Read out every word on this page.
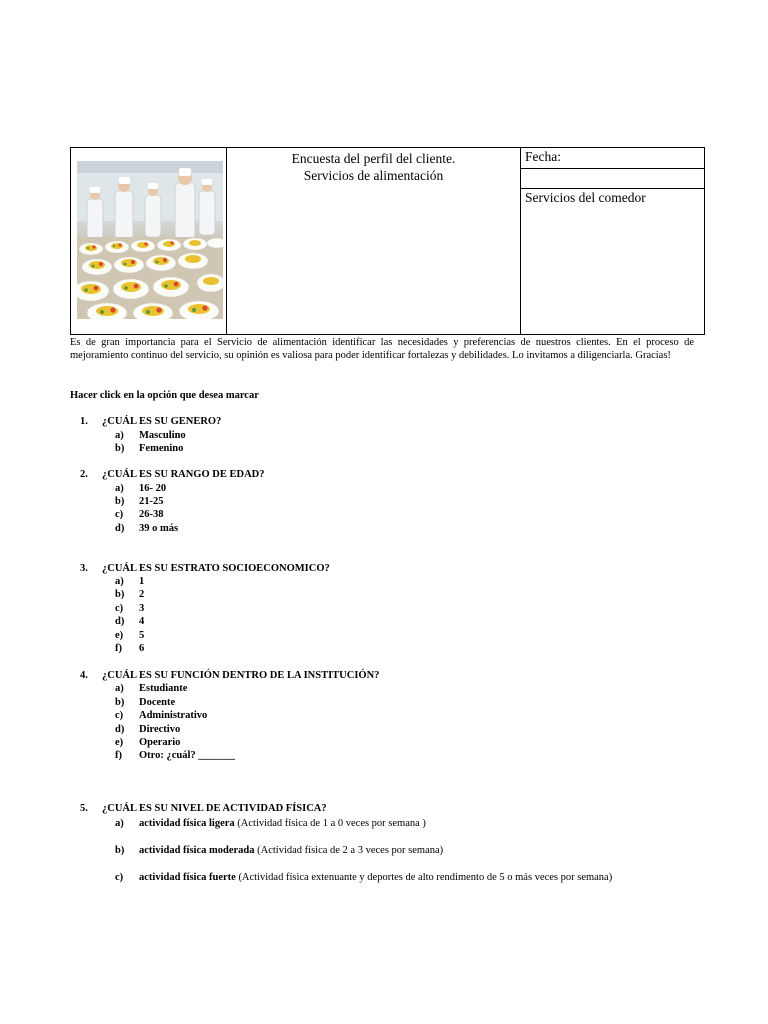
Encuesta del perfil del cliente.
Servicios de alimentación
Fecha:
Servicios del comedor
Es de gran importancia para el Servicio de alimentación identificar las necesidades y preferencias de nuestros clientes. En el proceso de mejoramiento continuo del servicio, su opinión es valiosa para poder identificar fortalezas y debilidades. Lo invitamos a diligenciarla. Gracias!
Hacer click en la opción que desea marcar
1. ¿CUÁL ES SU GENERO?
a) Masculino
b) Femenino
2. ¿CUÁL ES SU RANGO DE EDAD?
a) 16- 20
b) 21-25
c) 26-38
d) 39 o más
3. ¿CUÁL ES SU ESTRATO SOCIOECONOMICO?
a) 1
b) 2
c) 3
d) 4
e) 5
f) 6
4. ¿CUÁL ES SU FUNCIÓN DENTRO DE LA INSTITUCIÓN?
a) Estudiante
b) Docente
c) Administrativo
d) Directivo
e) Operario
f) Otro: ¿cuál? _______
5. ¿CUÁL ES SU NIVEL DE ACTIVIDAD FÍSICA?
a) actividad física ligera (Actividad física de 1 a 0 veces por semana )
b) actividad física moderada (Actividad física de 2 a 3 veces por semana)
c) actividad física fuerte (Actividad física extenuante y deportes de alto rendimento de 5 o más veces por semana)
